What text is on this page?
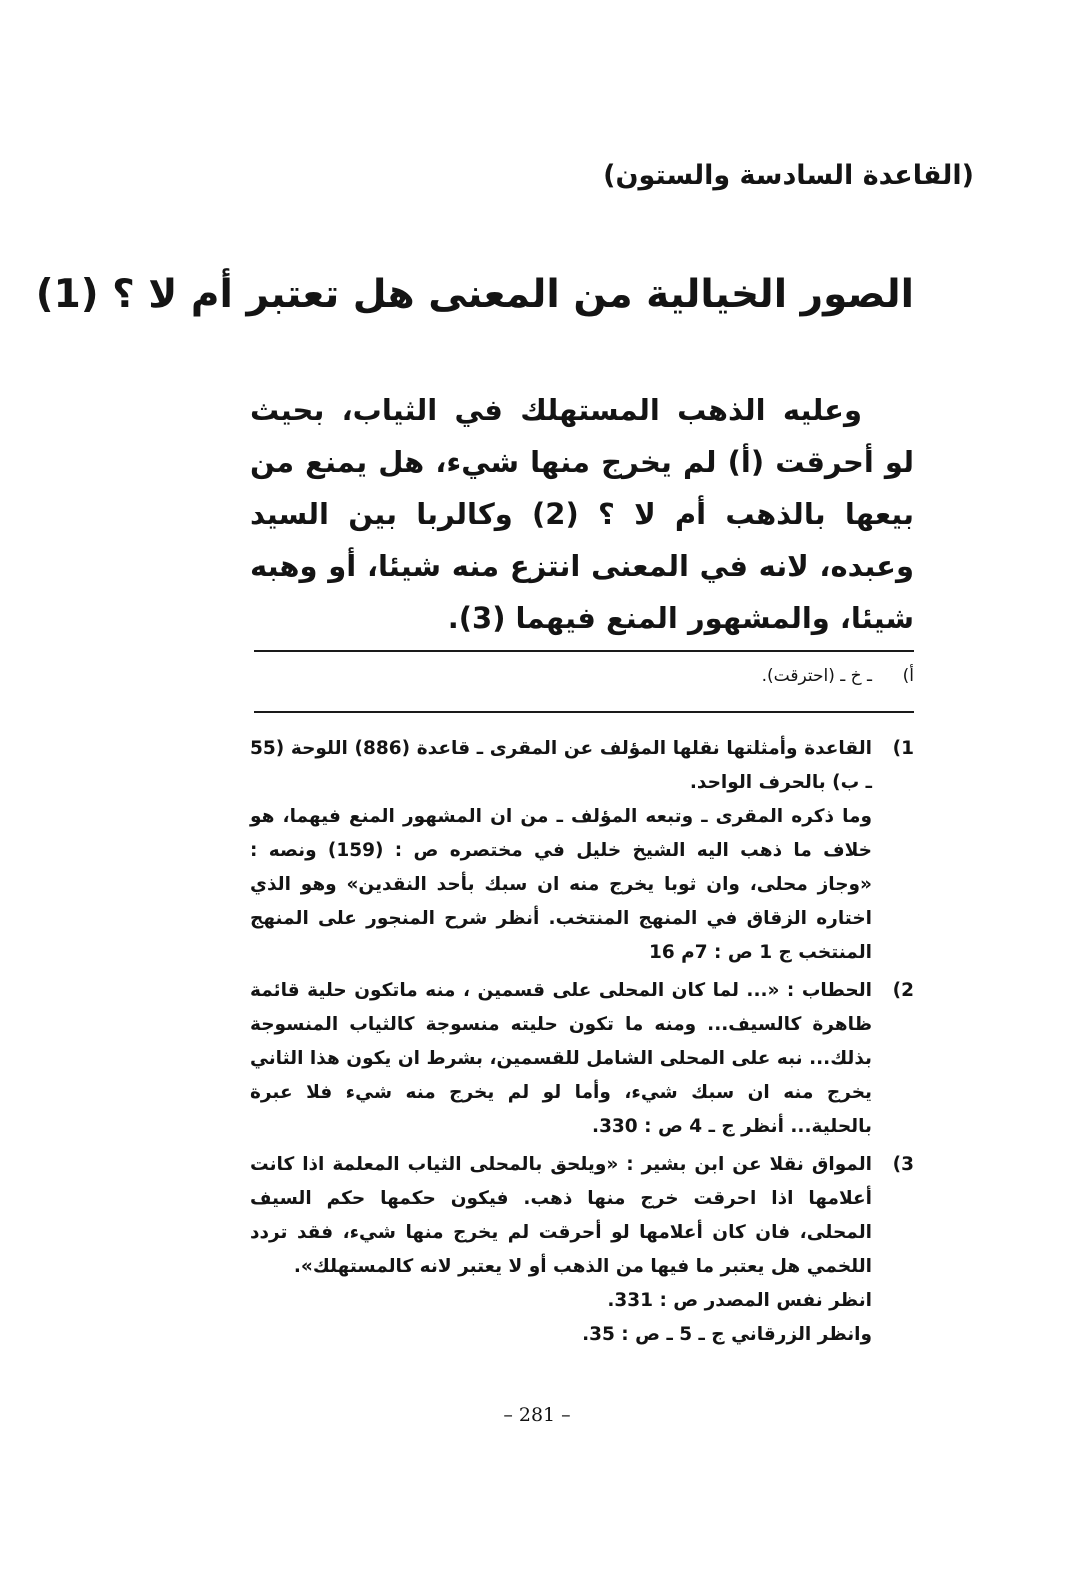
(القاعدة السادسة والستون)
الصور الخيالية من المعنى هل تعتبر أم لا ؟ (1)

وعليه الذهب المستهلك في الثياب، بحيث لو أحرقت (أ) لم يخرج منها شيء، هل يمنع من بيعها بالذهب أم لا ؟ (2) وكالربا بين السيد وعبده، لانه في المعنى انتزع منه شيئا، أو وهبه شيئا، والمشهور المنع فيهما (3).

أ)ـ خ ـ (احترقت).
1)

القاعدة وأمثلتها نقلها المؤلف عن المقرى ـ قاعدة (886) اللوحة (55 ـ ب) بالحرف الواحد.

وما ذكره المقرى ـ وتبعه المؤلف ـ من ان المشهور المنع فيهما، هو خلاف ما ذهب اليه الشيخ خليل في مختصره ص : (159) ونصه : «وجاز محلى، وان ثوبا يخرج منه ان سبك بأحد النقدين» وهو الذي اختاره الزقاق في المنهج المنتخب. أنظر شرح المنجور على المنهج المنتخب ج 1 ص : 7م 16

2)

الحطاب : «... لما كان المحلى على قسمين ، منه ماتكون حلية قائمة ظاهرة كالسيف... ومنه ما تكون حليته منسوجة كالثياب المنسوجة بذلك... نبه على المحلى الشامل للقسمين، بشرط ان يكون هذا الثاني يخرج منه ان سبك شيء، وأما لو لم يخرج منه شيء فلا عبرة بالحلية... أنظر ج ـ 4 ص : 330.

3)

المواق نقلا عن ابن بشير : «ويلحق بالمحلى الثياب المعلمة اذا كانت أعلامها اذا احرقت خرج منها ذهب. فيكون حكمها حكم السيف المحلى، فان كان أعلامها لو أحرقت لم يخرج منها شيء، فقد تردد اللخمي هل يعتبر ما فيها من الذهب أو لا يعتبر لانه كالمستهلك».

انظر نفس المصدر ص : 331.

وانظر الزرقاني ج ـ 5 ـ ص : 35.

– 281 –
